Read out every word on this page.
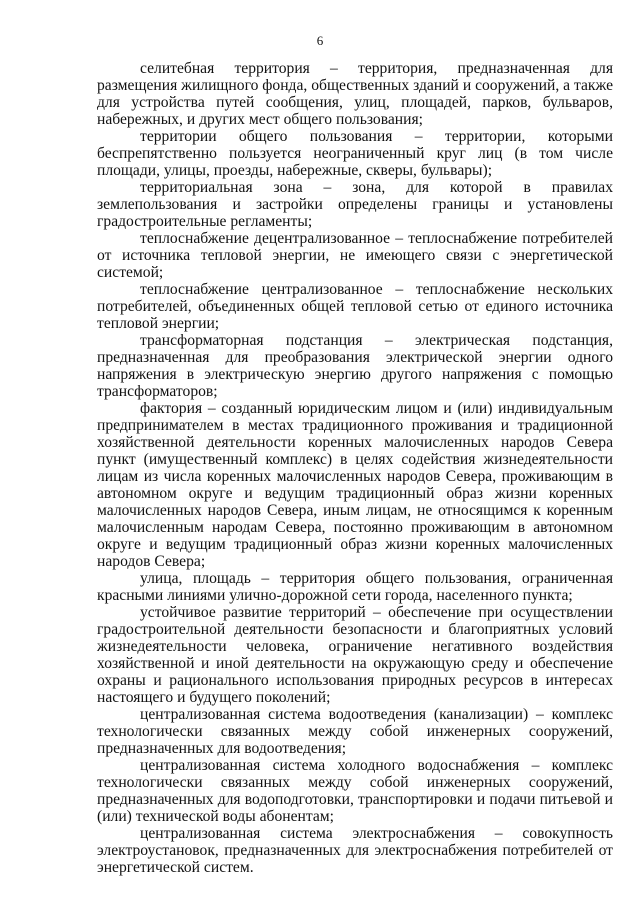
6

селитебная территория – территория, предназначенная для размещения жилищного фонда, общественных зданий и сооружений, а также для устройства путей сообщения, улиц, площадей, парков, бульваров, набережных, и других мест общего пользования;

территории общего пользования – территории, которыми беспрепятственно пользуется неограниченный круг лиц (в том числе площади, улицы, проезды, набережные, скверы, бульвары);

территориальная зона – зона, для которой в правилах землепользования и застройки определены границы и установлены градостроительные регламенты;

теплоснабжение децентрализованное – теплоснабжение потребителей от источника тепловой энергии, не имеющего связи с энергетической системой;

теплоснабжение централизованное – теплоснабжение нескольких потребителей, объединенных общей тепловой сетью от единого источника тепловой энергии;

трансформаторная подстанция – электрическая подстанция, предназначенная для преобразования электрической энергии одного напряжения в электрическую энергию другого напряжения с помощью трансформаторов;

фактория – созданный юридическим лицом и (или) индивидуальным предпринимателем в местах традиционного проживания и традиционной хозяйственной деятельности коренных малочисленных народов Севера пункт (имущественный комплекс) в целях содействия жизнедеятельности лицам из числа коренных малочисленных народов Севера, проживающим в автономном округе и ведущим традиционный образ жизни коренных малочисленных народов Севера, иным лицам, не относящимся к коренным малочисленным народам Севера, постоянно проживающим в автономном округе и ведущим традиционный образ жизни коренных малочисленных народов Севера;

улица, площадь – территория общего пользования, ограниченная красными линиями улично-дорожной сети города, населенного пункта;

устойчивое развитие территорий – обеспечение при осуществлении градостроительной деятельности безопасности и благоприятных условий жизнедеятельности человека, ограничение негативного воздействия хозяйственной и иной деятельности на окружающую среду и обеспечение охраны и рационального использования природных ресурсов в интересах настоящего и будущего поколений;

централизованная система водоотведения (канализации) – комплекс технологически связанных между собой инженерных сооружений, предназначенных для водоотведения;

централизованная система холодного водоснабжения – комплекс технологически связанных между собой инженерных сооружений, предназначенных для водоподготовки, транспортировки и подачи питьевой и (или) технической воды абонентам;

централизованная система электроснабжения – совокупность электроустановок, предназначенных для электроснабжения потребителей от энергетической систем.
